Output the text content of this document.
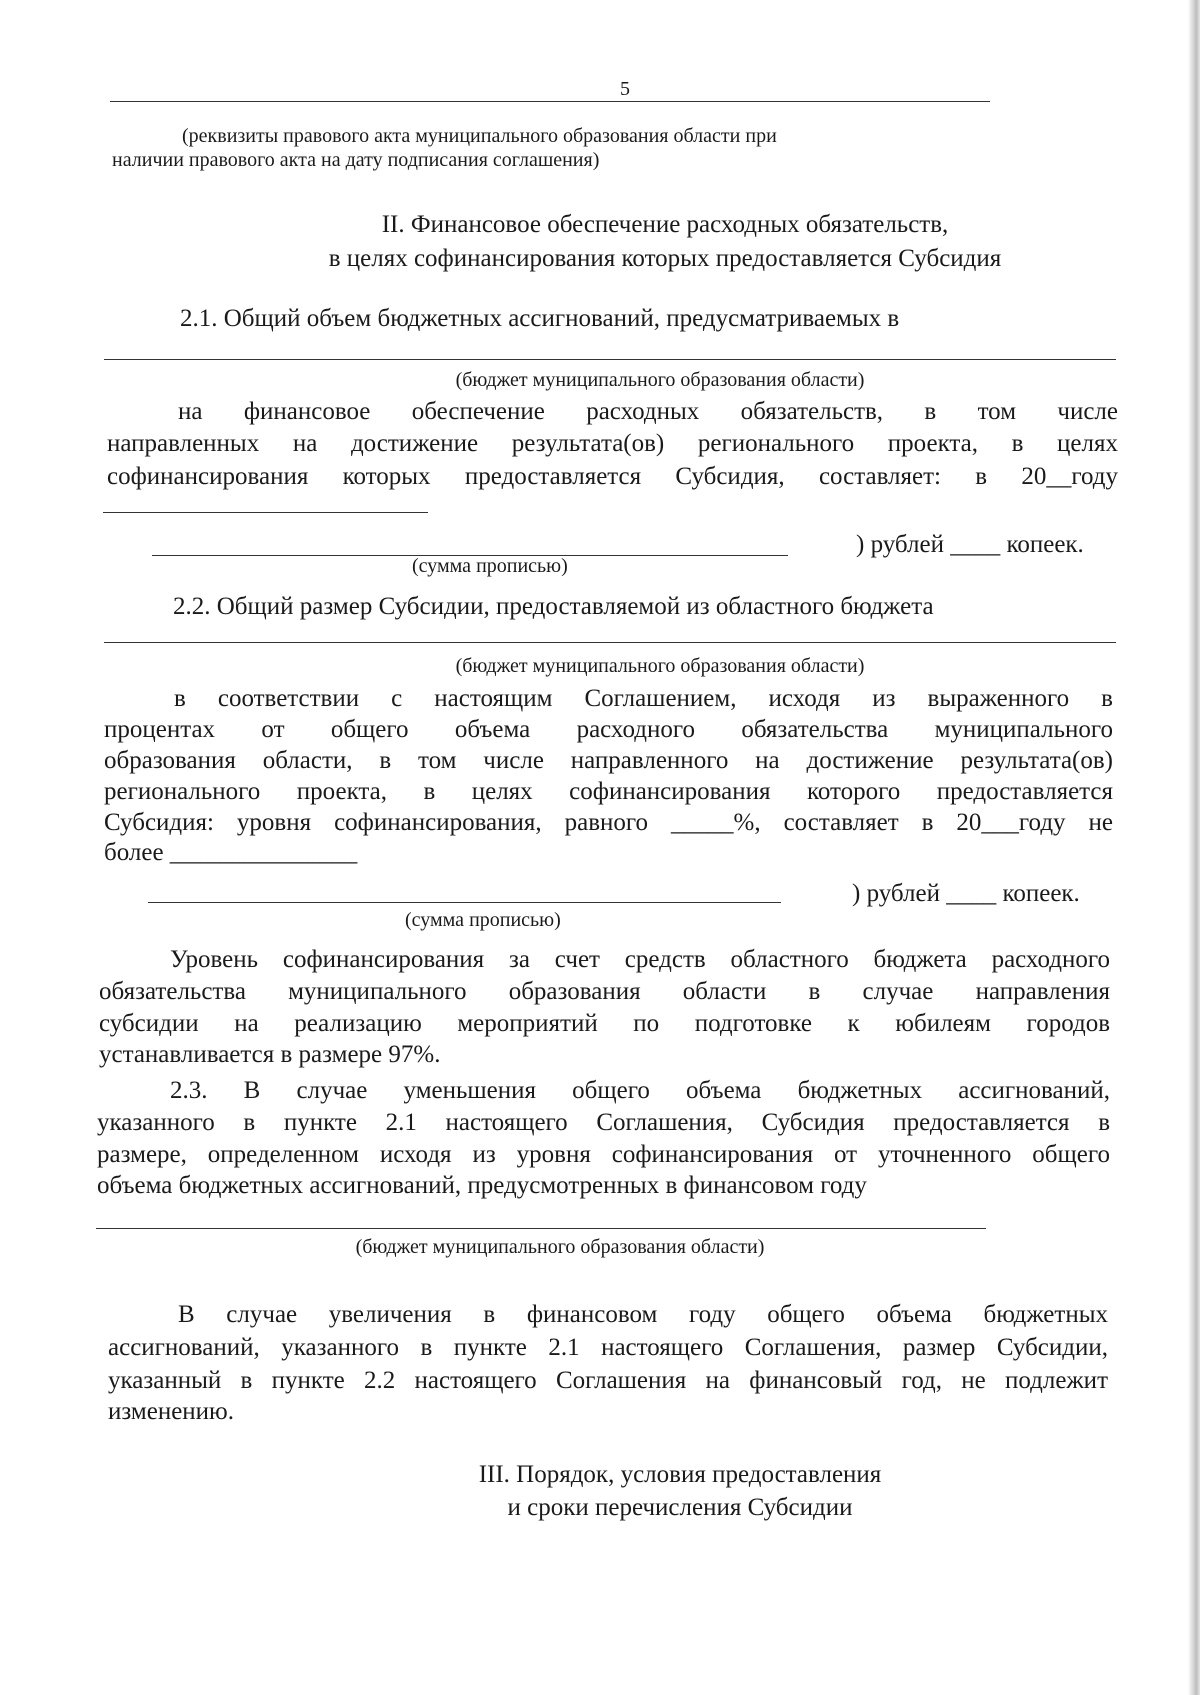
5
(реквизиты правового акта муниципального образования области при
наличии правового акта на дату подписания соглашения)
II. Финансовое обеспечение расходных обязательств,
в целях софинансирования которых предоставляется Субсидия
2.1. Общий объем бюджетных ассигнований, предусматриваемых в
(бюджет муниципального образования области)
на финансовое обеспечение расходных обязательств, в том числе
направленных на достижение результата(ов) регионального проекта, в целях
софинансирования которых предоставляется Субсидия, составляет: в 20__году
) рублей ____ копеек.
(сумма прописью)
2.2. Общий размер Субсидии, предоставляемой из областного бюджета
(бюджет муниципального образования области)
в соответствии с настоящим Соглашением, исходя из выраженного в
процентах от общего объема расходного обязательства муниципального
образования области, в том числе направленного на достижение результата(ов)
регионального проекта, в целях софинансирования которого предоставляется
Субсидия: уровня софинансирования, равного _____%, составляет в 20___году не
более _______________
) рублей ____ копеек.
(сумма прописью)
Уровень софинансирования за счет средств областного бюджета расходного
обязательства муниципального образования области в случае направления
субсидии на реализацию мероприятий по подготовке к юбилеям городов
устанавливается в размере 97%.
2.3. В случае уменьшения общего объема бюджетных ассигнований,
указанного в пункте 2.1 настоящего Соглашения, Субсидия предоставляется в
размере, определенном исходя из уровня софинансирования от уточненного общего
объема бюджетных ассигнований, предусмотренных в финансовом году
(бюджет муниципального образования области)
В случае увеличения в финансовом году общего объема бюджетных
ассигнований, указанного в пункте 2.1 настоящего Соглашения, размер Субсидии,
указанный в пункте 2.2 настоящего Соглашения на финансовый год, не подлежит
изменению.
III. Порядок, условия предоставления
и сроки перечисления Субсидии
